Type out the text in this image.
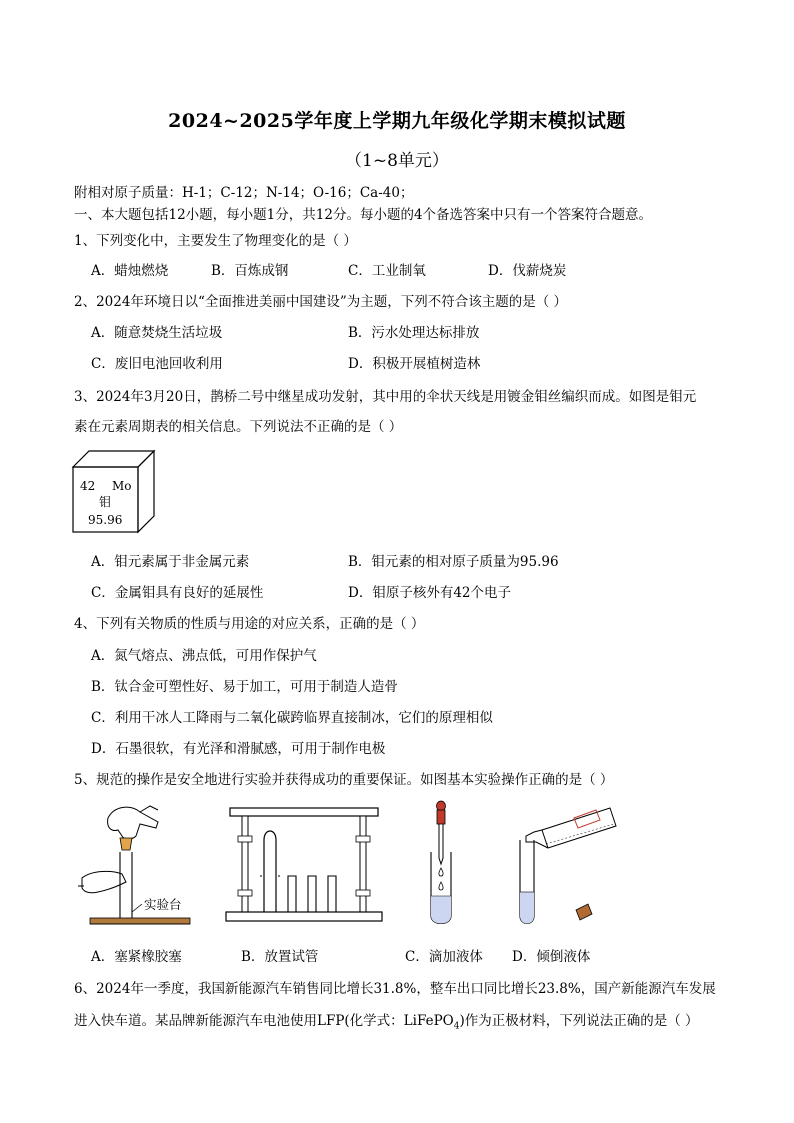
2024~2025学年度上学期九年级化学期末模拟试题
（1~8单元）
附相对原子质量：H-1；C-12；N-14；O-16；Ca-40；
一、本大题包括12小题，每小题1分，共12分。每小题的4个备选答案中只有一个答案符合题意。
1、下列变化中，主要发生了物理变化的是（ ）
A．蜡烛燃烧	B．百炼成钢	C．工业制氧	D．伐薪烧炭
2、2024年环境日以“全面推进美丽中国建设”为主题，下列不符合该主题的是（ ）
A．随意焚烧生活垃圾	B．污水处理达标排放
C．废旧电池回收利用	D．积极开展植树造林
3、2024年3月20日，鹊桥二号中继星成功发射，其中用的伞状天线是用镀金钼丝编织而成。如图是钼元
素在元素周期表的相关信息。下列说法不正确的是（ ）
42 Mo
钼
95.96
A．钼元素属于非金属元素	B．钼元素的相对原子质量为95.96
C．金属钼具有良好的延展性	D．钼原子核外有42个电子
4、下列有关物质的性质与用途的对应关系，正确的是（ ）
A．氮气熔点、沸点低，可用作保护气
B．钛合金可塑性好、易于加工，可用于制造人造骨
C．利用干冰人工降雨与二氧化碳跨临界直接制冰，它们的原理相似
D．石墨很软，有光泽和滑腻感，可用于制作电极
5、规范的操作是安全地进行实验并获得成功的重要保证。如图基本实验操作正确的是（ ）
实验台
A．塞紧橡胶塞	B．放置试管	C．滴加液体 D．倾倒液体
6、2024年一季度，我国新能源汽车销售同比增长31.8%，整车出口同比增长23.8%，国产新能源汽车发展
进入快车道。某品牌新能源汽车电池使用LFP(化学式：LiFePO$_4$)作为正极材料，下列说法正确的是（ ）
